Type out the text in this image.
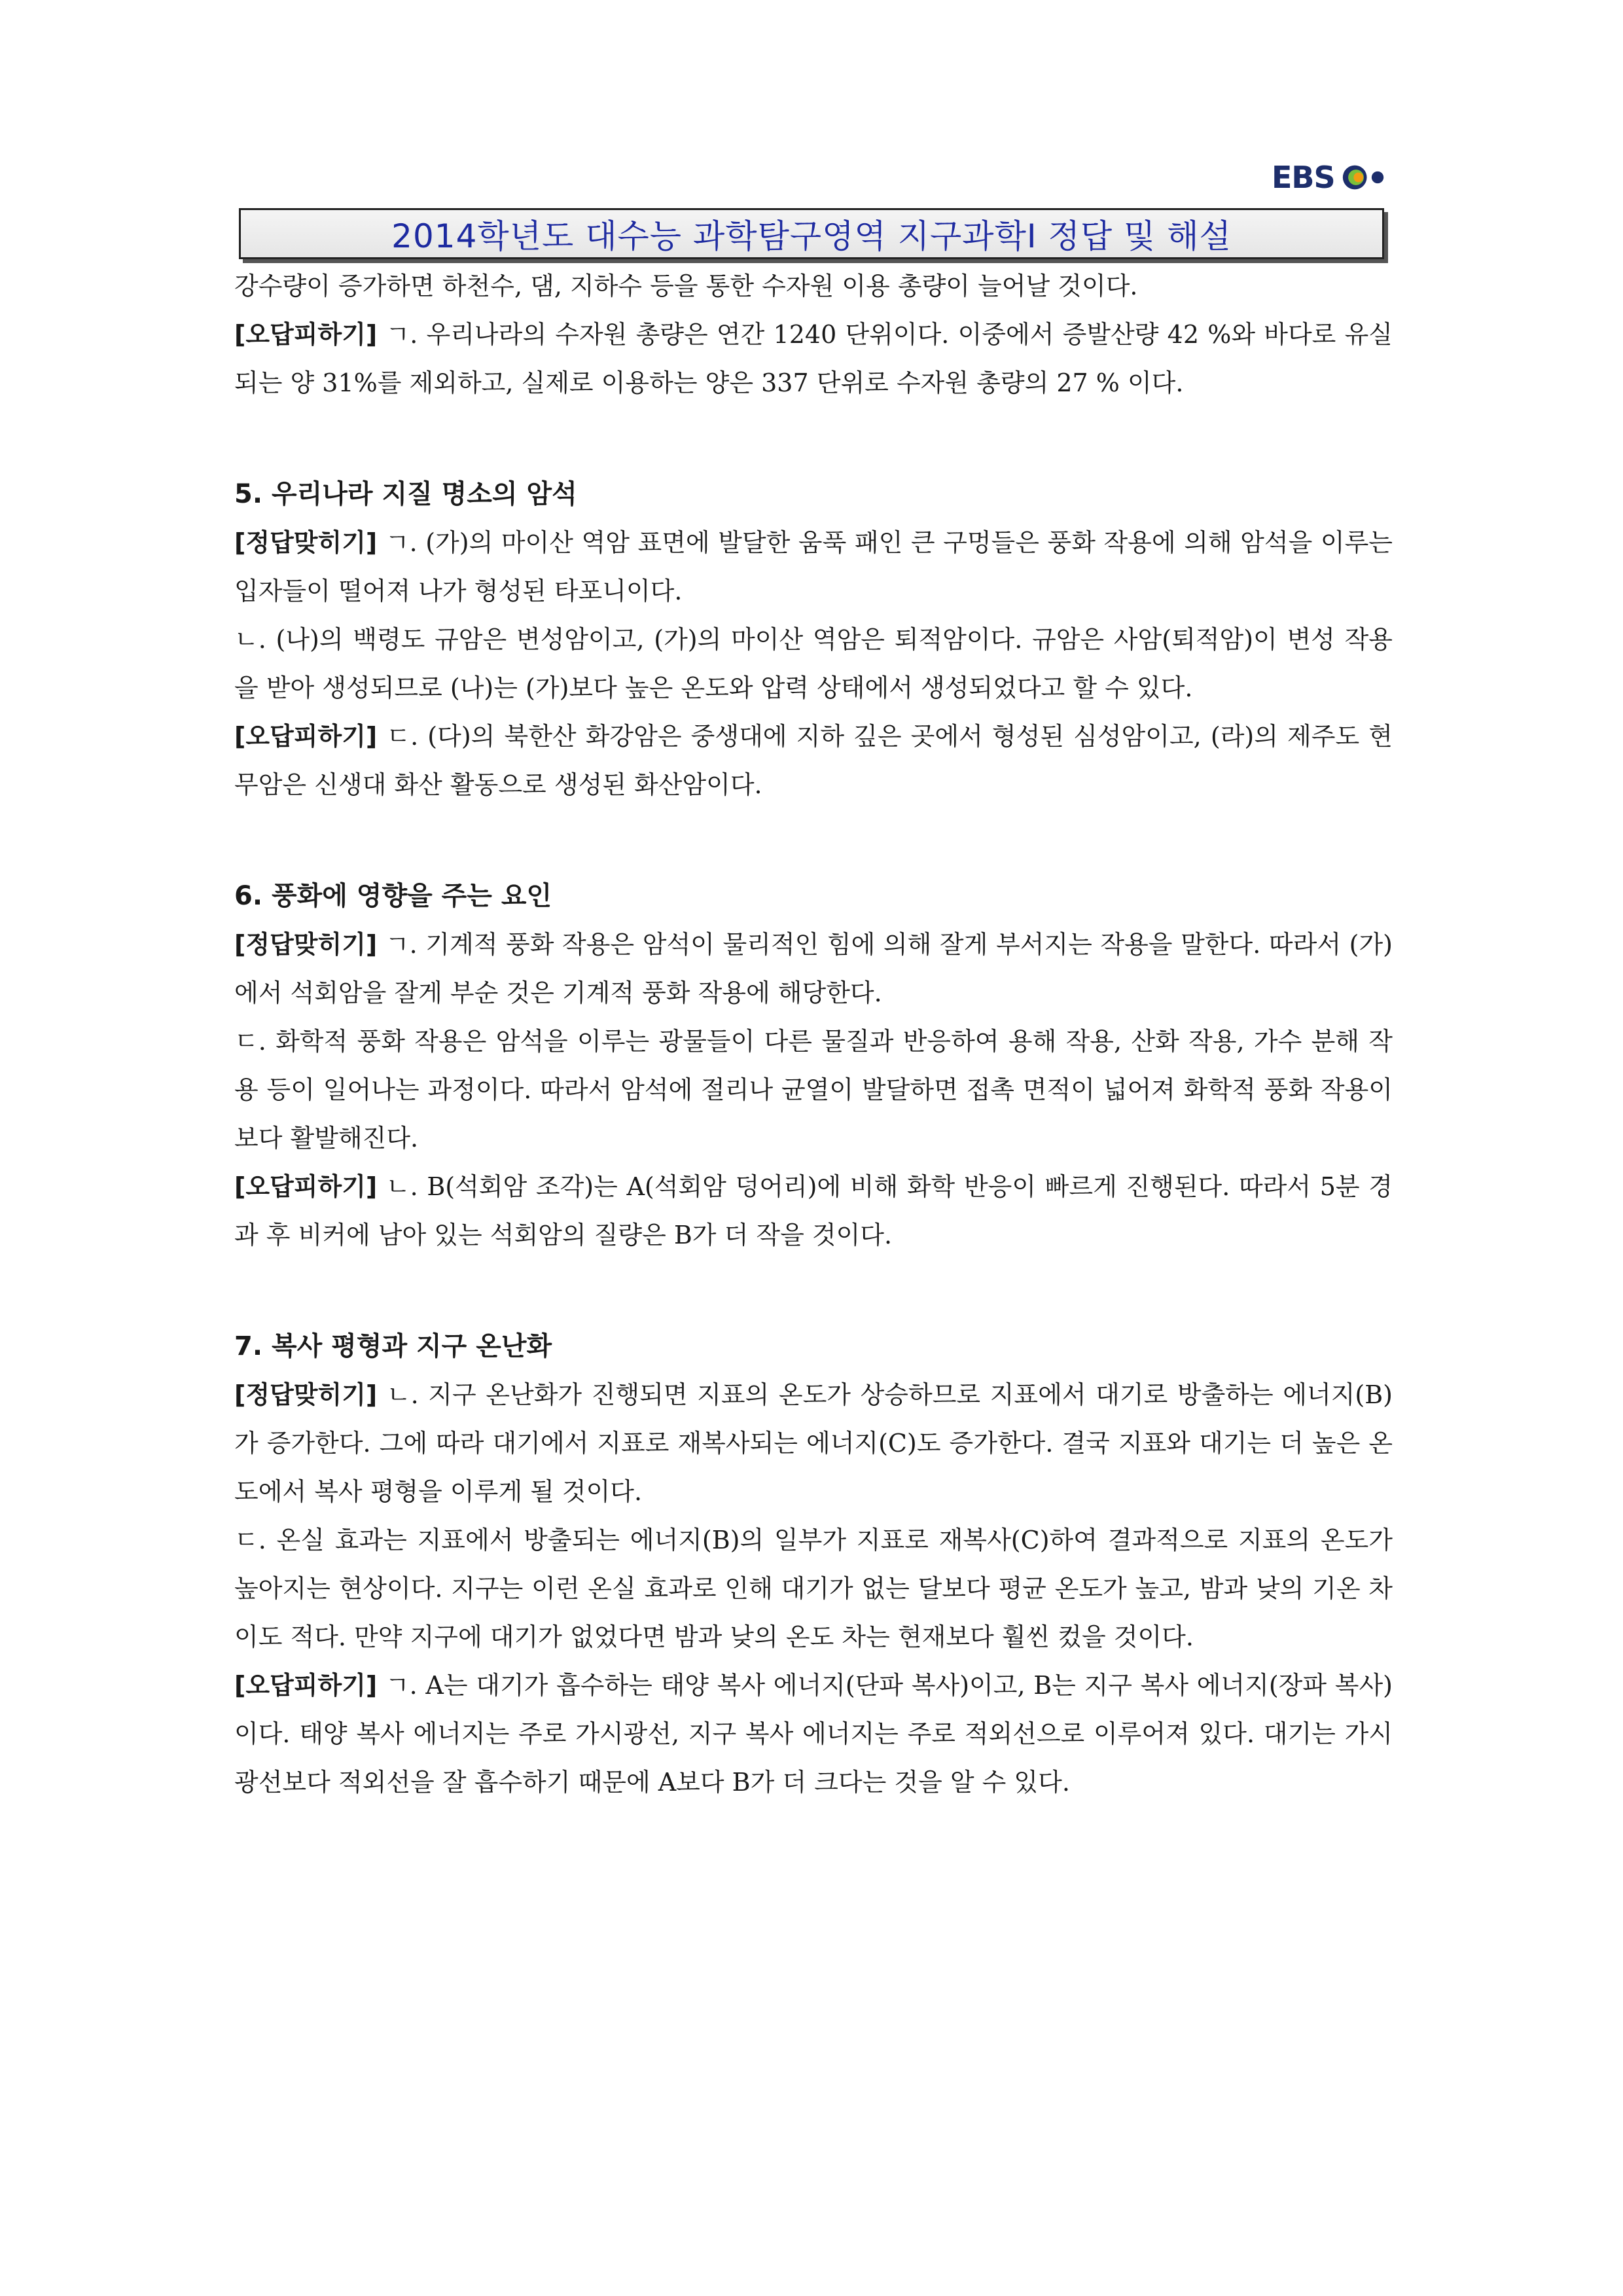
EBS
2014학년도 대수능 과학탐구영역 지구과학Ⅰ 정답 및 해설

강수량이 증가하면 하천수, 댐, 지하수 등을 통한 수자원 이용 총량이 늘어날 것이다.

[오답피하기] ㄱ. 우리나라의 수자원 총량은 연간 1240 단위이다. 이중에서 증발산량 42 %와 바다로 유실되는 양 31%를 제외하고, 실제로 이용하는 양은 337 단위로 수자원 총량의 27 % 이다.

5. 우리나라 지질 명소의 암석

[정답맞히기] ㄱ. (가)의 마이산 역암 표면에 발달한 움푹 패인 큰 구멍들은 풍화 작용에 의해 암석을 이루는 입자들이 떨어져 나가 형성된 타포니이다.

ㄴ. (나)의 백령도 규암은 변성암이고, (가)의 마이산 역암은 퇴적암이다. 규암은 사암(퇴적암)이 변성 작용을 받아 생성되므로 (나)는 (가)보다 높은 온도와 압력 상태에서 생성되었다고 할 수 있다.

[오답피하기] ㄷ. (다)의 북한산 화강암은 중생대에 지하 깊은 곳에서 형성된 심성암이고, (라)의 제주도 현무암은 신생대 화산 활동으로 생성된 화산암이다.

6. 풍화에 영향을 주는 요인

[정답맞히기] ㄱ. 기계적 풍화 작용은 암석이 물리적인 힘에 의해 잘게 부서지는 작용을 말한다. 따라서 (가)에서 석회암을 잘게 부순 것은 기계적 풍화 작용에 해당한다.

ㄷ. 화학적 풍화 작용은 암석을 이루는 광물들이 다른 물질과 반응하여 용해 작용, 산화 작용, 가수 분해 작용 등이 일어나는 과정이다. 따라서 암석에 절리나 균열이 발달하면 접촉 면적이 넓어져 화학적 풍화 작용이 보다 활발해진다.

[오답피하기] ㄴ. B(석회암 조각)는 A(석회암 덩어리)에 비해 화학 반응이 빠르게 진행된다. 따라서 5분 경과 후 비커에 남아 있는 석회암의 질량은 B가 더 작을 것이다.

7. 복사 평형과 지구 온난화

[정답맞히기] ㄴ. 지구 온난화가 진행되면 지표의 온도가 상승하므로 지표에서 대기로 방출하는 에너지(B)가 증가한다. 그에 따라 대기에서 지표로 재복사되는 에너지(C)도 증가한다. 결국 지표와 대기는 더 높은 온도에서 복사 평형을 이루게 될 것이다.

ㄷ. 온실 효과는 지표에서 방출되는 에너지(B)의 일부가 지표로 재복사(C)하여 결과적으로 지표의 온도가 높아지는 현상이다. 지구는 이런 온실 효과로 인해 대기가 없는 달보다 평균 온도가 높고, 밤과 낮의 기온 차이도 적다. 만약 지구에 대기가 없었다면 밤과 낮의 온도 차는 현재보다 훨씬 컸을 것이다.

[오답피하기] ㄱ. A는 대기가 흡수하는 태양 복사 에너지(단파 복사)이고, B는 지구 복사 에너지(장파 복사)이다. 태양 복사 에너지는 주로 가시광선, 지구 복사 에너지는 주로 적외선으로 이루어져 있다. 대기는 가시광선보다 적외선을 잘 흡수하기 때문에 A보다 B가 더 크다는 것을 알 수 있다.
